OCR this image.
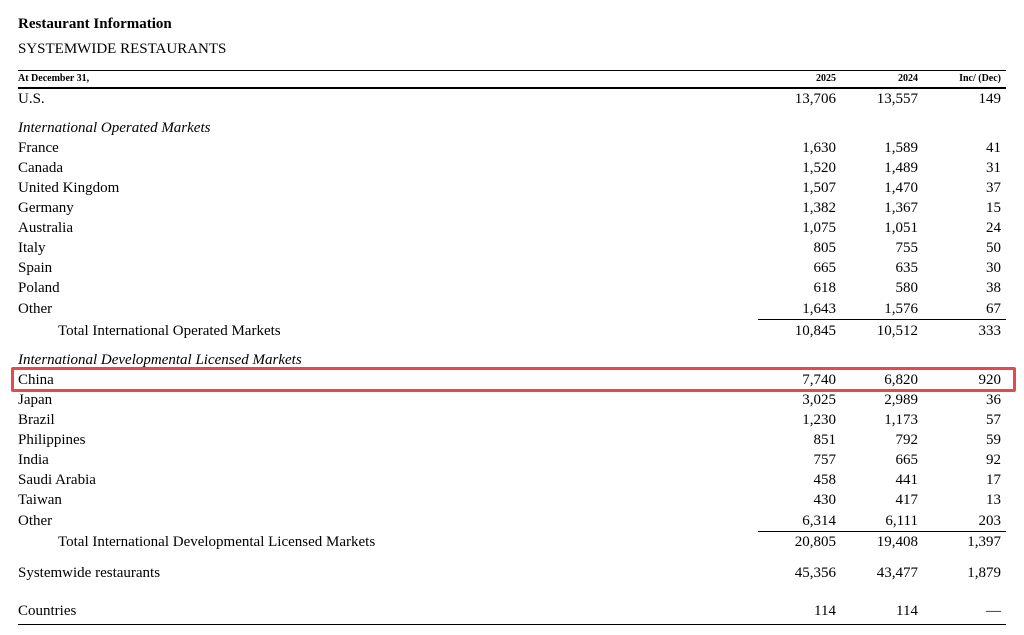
Restaurant Information
SYSTEMWIDE RESTAURANTS
At December 31,	2025	2024	Inc/ (Dec)
U.S.	13,706	13,557	149
International Operated Markets
France	1,630	1,589	41
Canada	1,520	1,489	31
United Kingdom	1,507	1,470	37
Germany	1,382	1,367	15
Australia	1,075	1,051	24
Italy	805	755	50
Spain	665	635	30
Poland	618	580	38
Other	1,643	1,576	67
Total International Operated Markets	10,845	10,512	333
International Developmental Licensed Markets
China	7,740	6,820	920
Japan	3,025	2,989	36
Brazil	1,230	1,173	57
Philippines	851	792	59
India	757	665	92
Saudi Arabia	458	441	17
Taiwan	430	417	13
Other	6,314	6,111	203
Total International Developmental Licensed Markets	20,805	19,408	1,397
Systemwide restaurants	45,356	43,477	1,879
Countries	114	114	—
